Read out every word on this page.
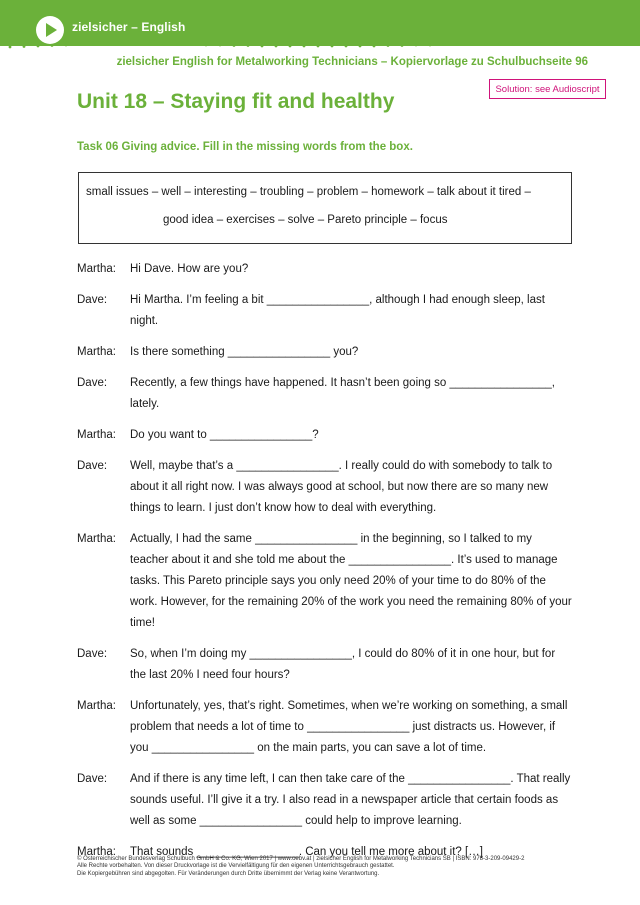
zielsicher – English
zielsicher English for Metalworking Technicians – Kopiervorlage zu Schulbuchseite 96
Unit 18 – Staying fit and healthy
Solution: see Audioscript
Task 06 Giving advice. Fill in the missing words from the box.
small issues – well – interesting – troubling – problem – homework – talk about it tired –
good idea – exercises – solve – Pareto principle – focus
Martha:	Hi Dave. How are you?
Dave:	Hi Martha. I’m feeling a bit ________________, although I had enough sleep, last night.
Martha:	Is there something ________________ you?
Dave:	Recently, a few things have happened. It hasn’t been going so ________________, lately.
Martha:	Do you want to ________________?
Dave:	Well, maybe that’s a ________________. I really could do with somebody to talk to about it all right now. I was always good at school, but now there are so many new things to learn. I just don’t know how to deal with everything.
Martha:	Actually, I had the same ________________ in the beginning, so I talked to my teacher about it and she told me about the ________________. It’s used to manage tasks. This Pareto principle says you only need 20% of your time to do 80% of the work. However, for the remaining 20% of the work you need the remaining 80% of your time!
Dave:	So, when I’m doing my ________________, I could do 80% of it in one hour, but for the last 20% I need four hours?
Martha:	Unfortunately, yes, that’s right. Sometimes, when we’re working on something, a small problem that needs a lot of time to ________________ just distracts us. However, if you ________________ on the main parts, you can save a lot of time.
Dave:	And if there is any time left, I can then take care of the ________________. That really sounds useful. I’ll give it a try. I also read in a newspaper article that certain foods as well as some ________________ could help to improve learning.
Martha:	That sounds ________________. Can you tell me more about it? […]
© Österreichischer Bundesverlag Schulbuch GmbH & Co. KG, Wien 2017 | www.oebv.at | zielsicher English for Metalworking Technicians SB | ISBN: 978-3-209-09429-2
Alle Rechte vorbehalten. Von dieser Druckvorlage ist die Vervielfältigung für den eigenen Unterrichtsgebrauch gestattet.
Die Kopiergebühren sind abgegolten. Für Veränderungen durch Dritte übernimmt der Verlag keine Verantwortung.
